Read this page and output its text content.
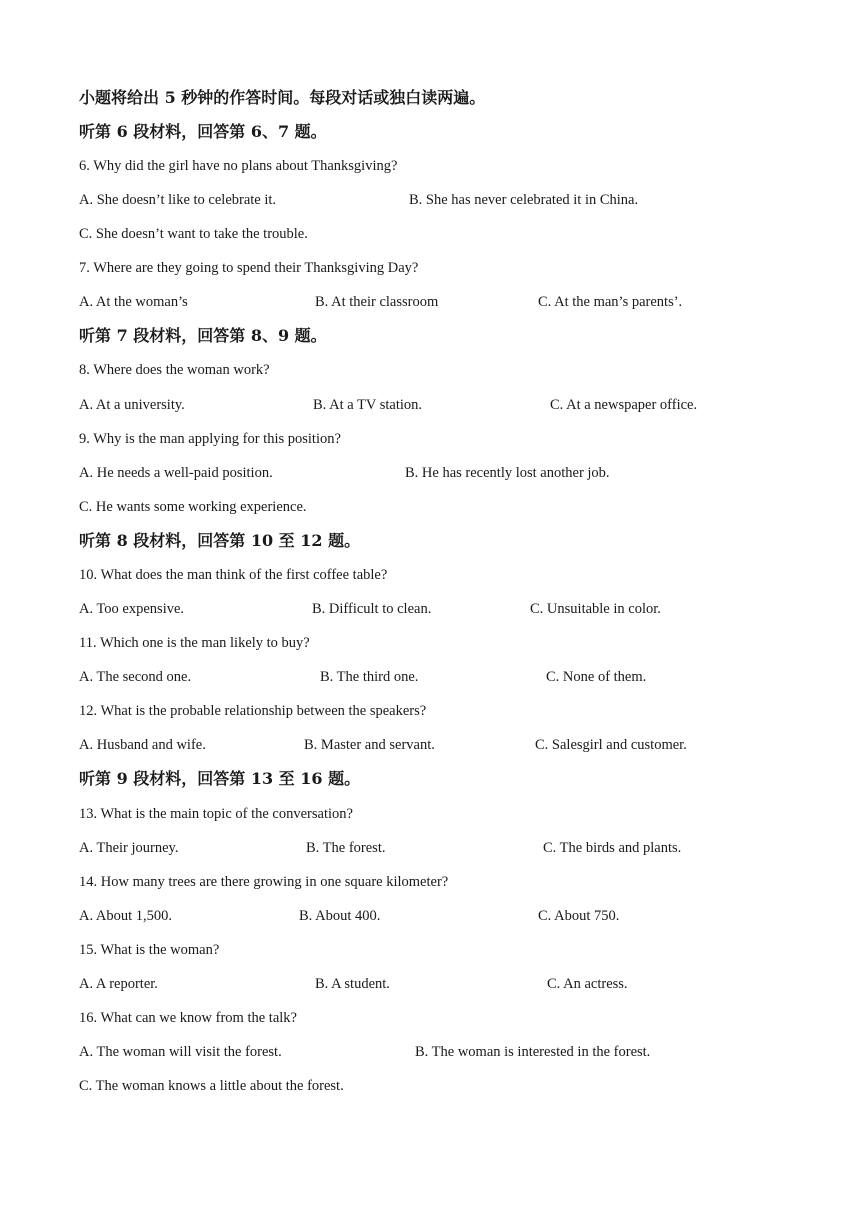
小题将给出 5 秒钟的作答时间。每段对话或独白读两遍。
听第 6 段材料，回答第 6、7 题。
6. Why did the girl have no plans about Thanksgiving?
A. She doesn’t like to celebrate it.	B. She has never celebrated it in China.
C. She doesn’t want to take the trouble.
7. Where are they going to spend their Thanksgiving Day?
A. At the woman’s	B. At their classroom	C. At the man’s parents’.
听第 7 段材料，回答第 8、9 题。
8. Where does the woman work?
A. At a university.	B. At a TV station.	C. At a newspaper office.
9. Why is the man applying for this position?
A. He needs a well-paid position.	B. He has recently lost another job.
C. He wants some working experience.
听第 8 段材料，回答第 10 至 12 题。
10. What does the man think of the first coffee table?
A. Too expensive.	B. Difficult to clean.	C. Unsuitable in color.
11. Which one is the man likely to buy?
A. The second one.	B. The third one.	C. None of them.
12. What is the probable relationship between the speakers?
A. Husband and wife.	B. Master and servant.	C. Salesgirl and customer.
听第 9 段材料，回答第 13 至 16 题。
13. What is the main topic of the conversation?
A. Their journey.	B. The forest.	C. The birds and plants.
14. How many trees are there growing in one square kilometer?
A. About 1,500.	B. About 400.	C. About 750.
15. What is the woman?
A. A reporter.	B. A student.	C. An actress.
16. What can we know from the talk?
A. The woman will visit the forest.	B. The woman is interested in the forest.
C. The woman knows a little about the forest.
